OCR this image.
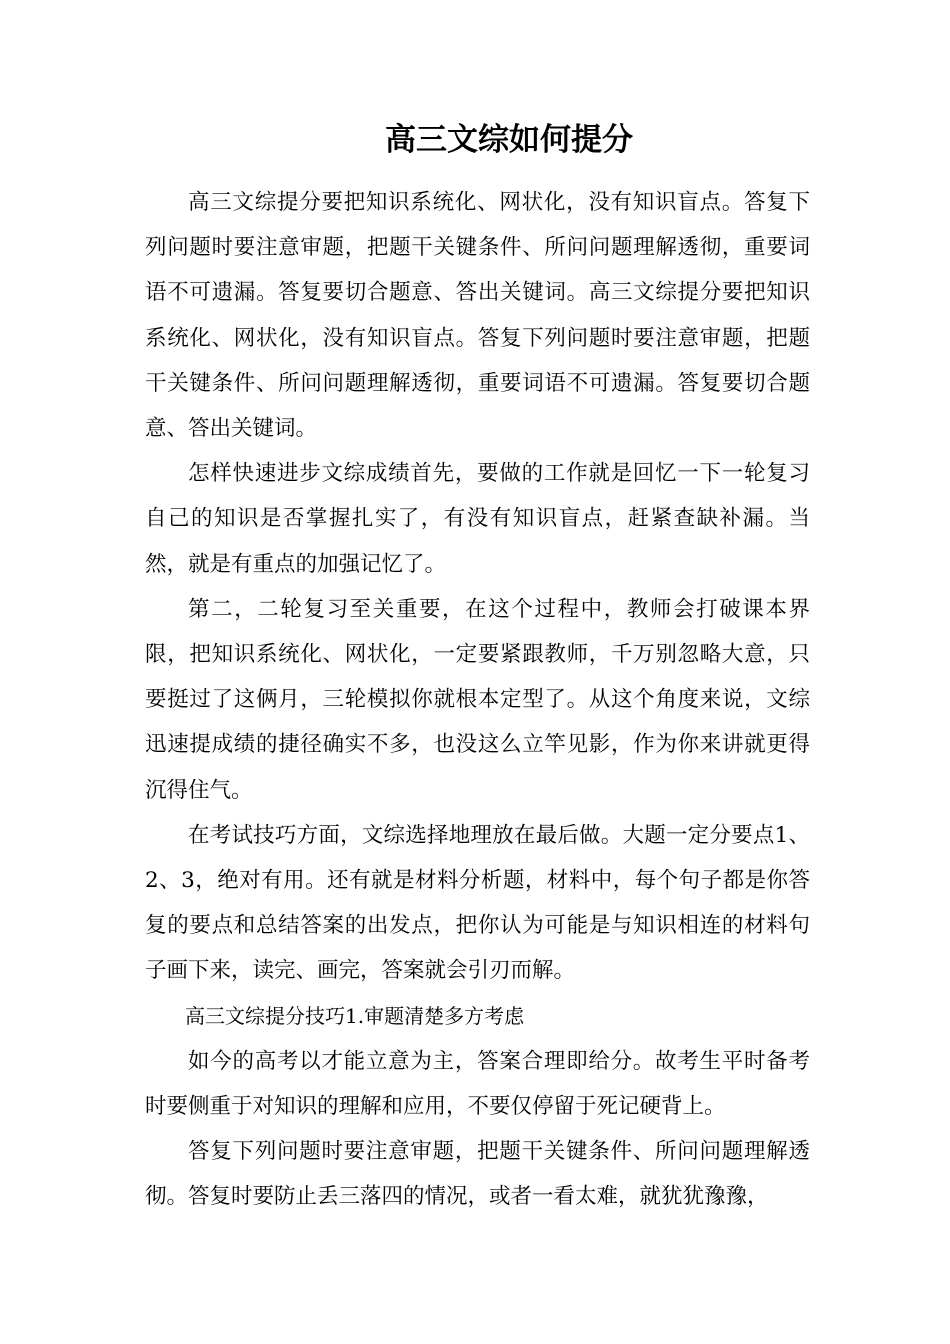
高三文综如何提分

高三文综提分要把知识系统化、网状化，没有知识盲点。答复下列问题时要注意审题，把题干关键条件、所问问题理解透彻，重要词语不可遗漏。答复要切合题意、答出关键词。高三文综提分要把知识系统化、网状化，没有知识盲点。答复下列问题时要注意审题，把题干关键条件、所问问题理解透彻，重要词语不可遗漏。答复要切合题意、答出关键词。

怎样快速进步文综成绩首先，要做的工作就是回忆一下一轮复习自己的知识是否掌握扎实了，有没有知识盲点，赶紧查缺补漏。当然，就是有重点的加强记忆了。

第二，二轮复习至关重要，在这个过程中，教师会打破课本界限，把知识系统化、网状化，一定要紧跟教师，千万别忽略大意，只要挺过了这俩月，三轮模拟你就根本定型了。从这个角度来说，文综迅速提成绩的捷径确实不多，也没这么立竿见影，作为你来讲就更得沉得住气。

在考试技巧方面，文综选择地理放在最后做。大题一定分要点1、2、3，绝对有用。还有就是材料分析题，材料中，每个句子都是你答复的要点和总结答案的出发点，把你认为可能是与知识相连的材料句子画下来，读完、画完，答案就会引刃而解。

高三文综提分技巧1.审题清楚多方考虑

如今的高考以才能立意为主，答案合理即给分。故考生平时备考时要侧重于对知识的理解和应用，不要仅停留于死记硬背上。

答复下列问题时要注意审题，把题干关键条件、所问问题理解透彻。答复时要防止丢三落四的情况，或者一看太难，就犹犹豫豫，
